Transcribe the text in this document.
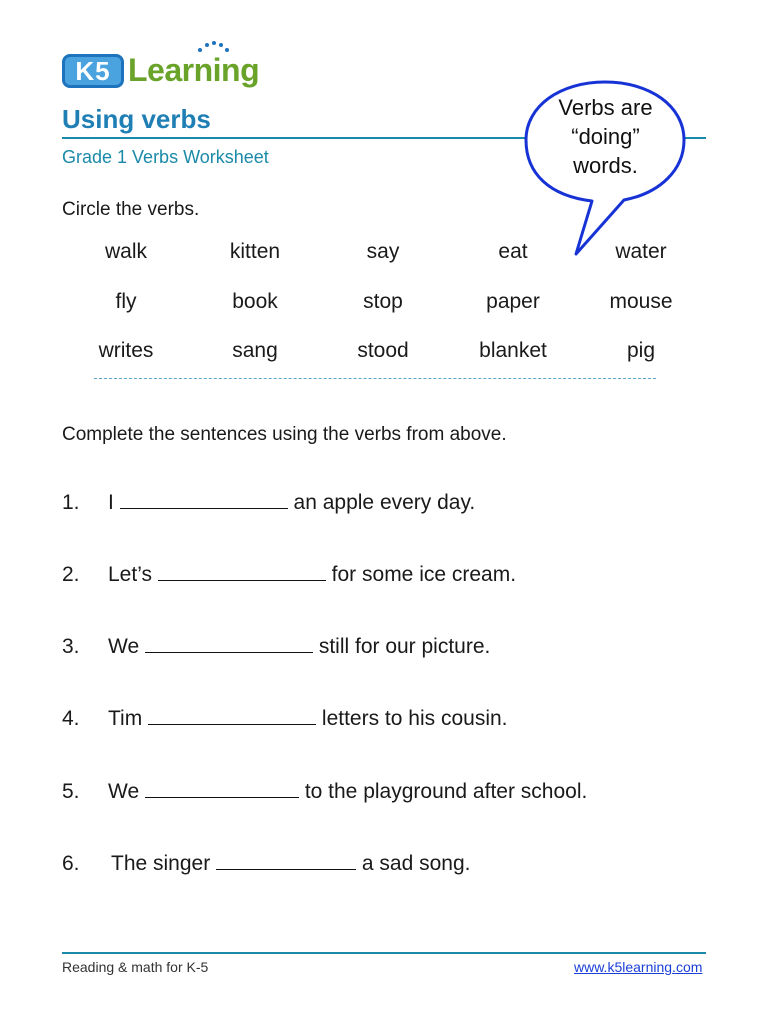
K5 Learning
Using verbs
Grade 1 Verbs Worksheet
Verbs are
“doing”
words.
Circle the verbs.
walk	kitten	say	eat	water
fly	book	stop	paper	mouse
writes	sang	stood	blanket	pig
Complete the sentences using the verbs from above.
1. I	an apple every day.
2. Let’s	for some ice cream.
3. We	still for our picture.
4. Tim	letters to his cousin.
5. We	to the playground after school.
6. The singer	a sad song.
Reading & math for K-5	www.k5learning.com
